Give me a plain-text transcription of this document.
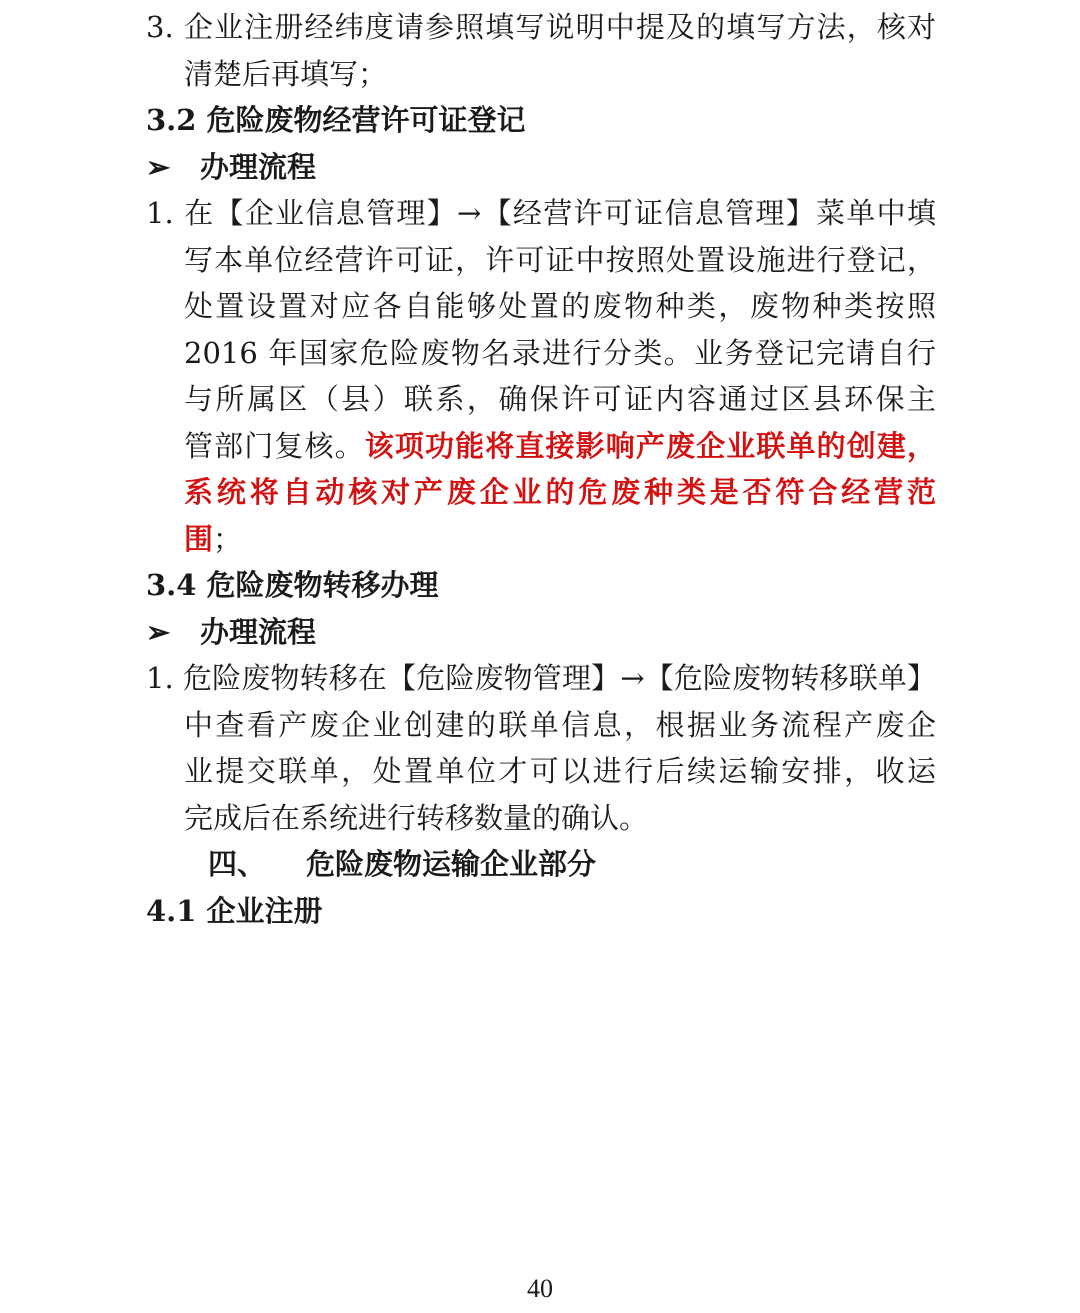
3. 企业注册经纬度请参照填写说明中提及的填写方法，核对
清楚后再填写；
3.2 危险废物经营许可证登记
➢ 办理流程
1. 在【企业信息管理】→【经营许可证信息管理】菜单中填
写本单位经营许可证，许可证中按照处置设施进行登记，
处置设置对应各自能够处置的废物种类，废物种类按照
2016 年国家危险废物名录进行分类。业务登记完请自行
与所属区（县）联系，确保许可证内容通过区县环保主
管部门复核。该项功能将直接影响产废企业联单的创建，
系统将自动核对产废企业的危废种类是否符合经营范
围；
3.4 危险废物转移办理
➢ 办理流程
1. 危险废物转移在【危险废物管理】→【危险废物转移联单】
中查看产废企业创建的联单信息，根据业务流程产废企
业提交联单，处置单位才可以进行后续运输安排，收运
完成后在系统进行转移数量的确认。
四、 危险废物运输企业部分
4.1 企业注册
40
